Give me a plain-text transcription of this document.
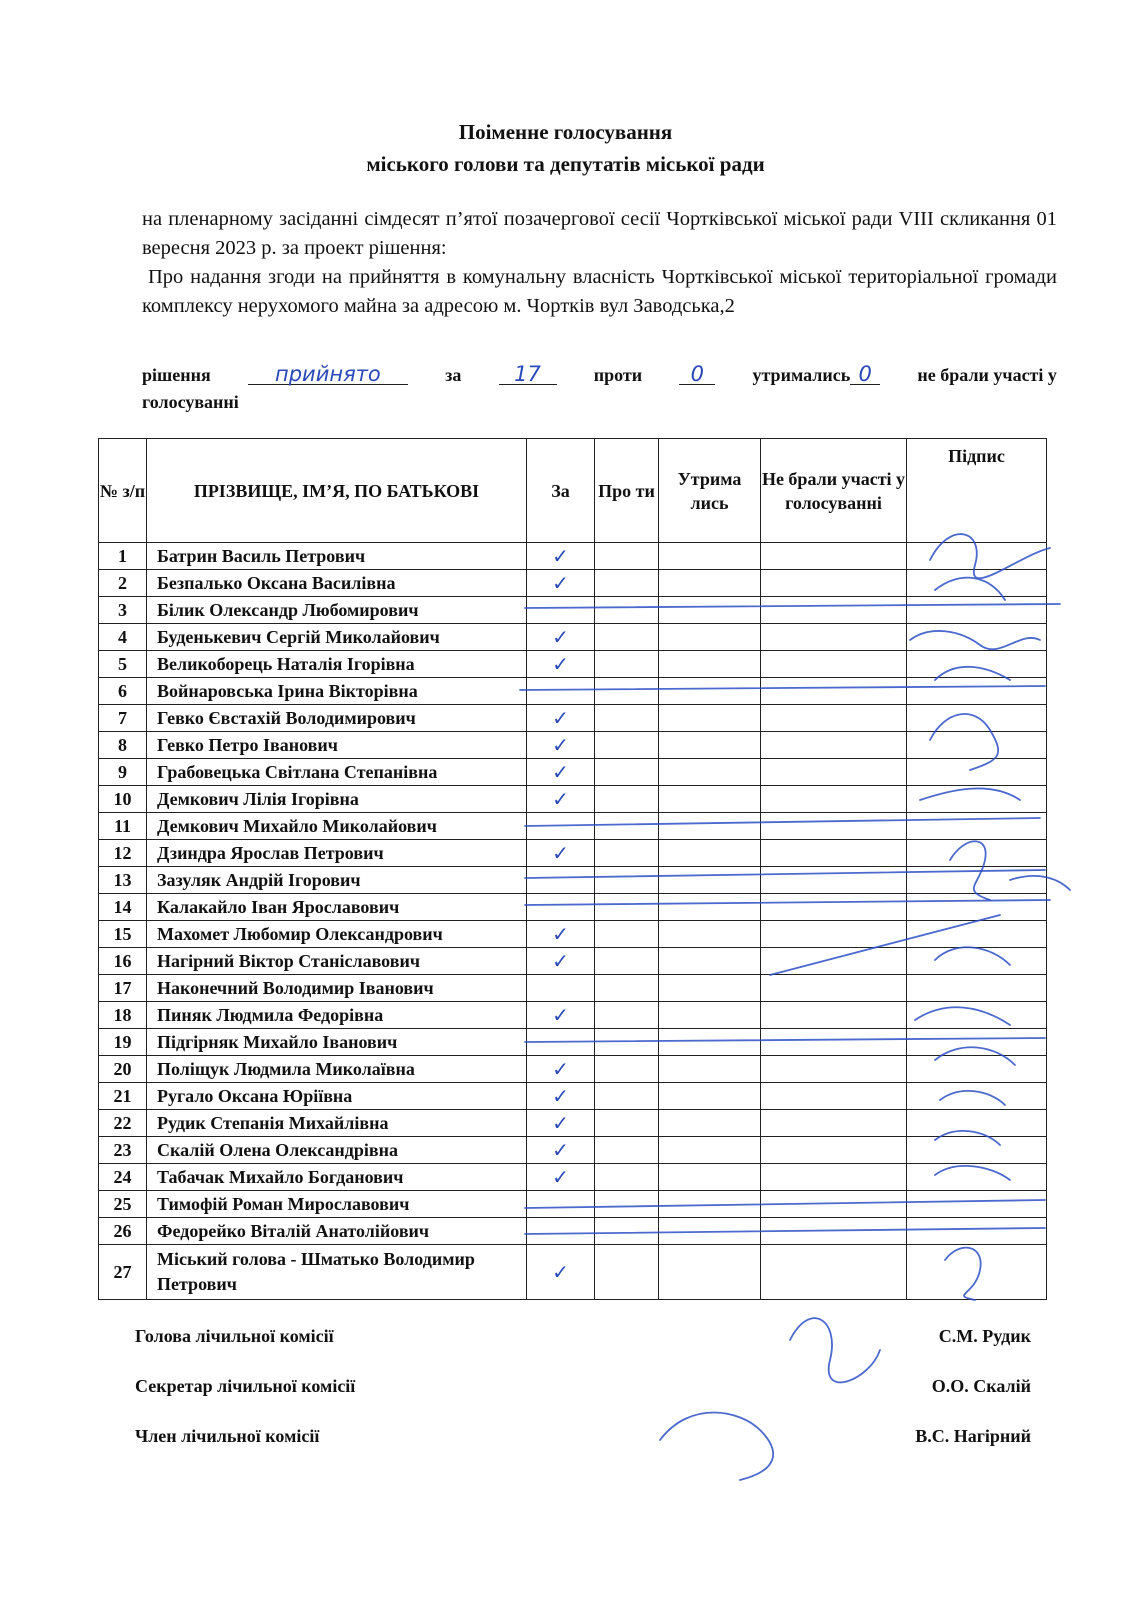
Поіменне голосування
міського голови та депутатів міської ради

на пленарному засіданні сімдесят п’ятої позачергової сесії Чортківської міської ради VIII скликання 01 вересня 2023 р. за проект рішення:

Про надання згоди на прийняття в комунальну власність Чортківської міської територіальної громади комплексу нерухомого майна за адресою м. Чортків вул Заводська,2

рішення	прийнято	за	17	проти	0	утримались 0	не брали участі у
голосуванні
№ з/п	ПРІЗВИЩЕ, ІМ’Я, ПО БАТЬКОВІ	За	Про ти	Утрима лись	Не брали участі у голосуванні	Підпис
1	Батрин Василь Петрович	✓				
2	Безпалько Оксана Василівна	✓				
3	Білик Олександр Любомирович					
4	Буденькевич Сергій Миколайович	✓				
5	Великоборець Наталія Ігорівна	✓				
6	Войнаровська Ірина Вікторівна					
7	Гевко Євстахій Володимирович	✓				
8	Гевко Петро Іванович	✓				
9	Грабовецька Світлана Степанівна	✓				
10	Демкович Лілія Ігорівна	✓				
11	Демкович Михайло Миколайович					
12	Дзиндра Ярослав Петрович	✓				
13	Зазуляк Андрій Ігорович					
14	Калакайло Іван Ярославович					
15	Махомет Любомир Олександрович	✓				
16	Нагірний Віктор Станіславович	✓				
17	Наконечний Володимир Іванович					
18	Пиняк Людмила Федорівна	✓				
19	Підгірняк Михайло Іванович					
20	Поліщук Людмила Миколаївна	✓				
21	Ругало Оксана Юріївна	✓				
22	Рудик Степанія Михайлівна	✓				
23	Скалій Олена Олександрівна	✓				
24	Табачак Михайло Богданович	✓				
25	Тимофій Роман Мирославович					
26	Федорейко Віталій Анатолійович					
27	Міський голова - Шматько Володимир Петрович	✓				
Голова лічильної комісії	С.М. Рудик
Секретар лічильної комісії	О.О. Скалій
Член лічильної комісії	В.С. Нагірний
